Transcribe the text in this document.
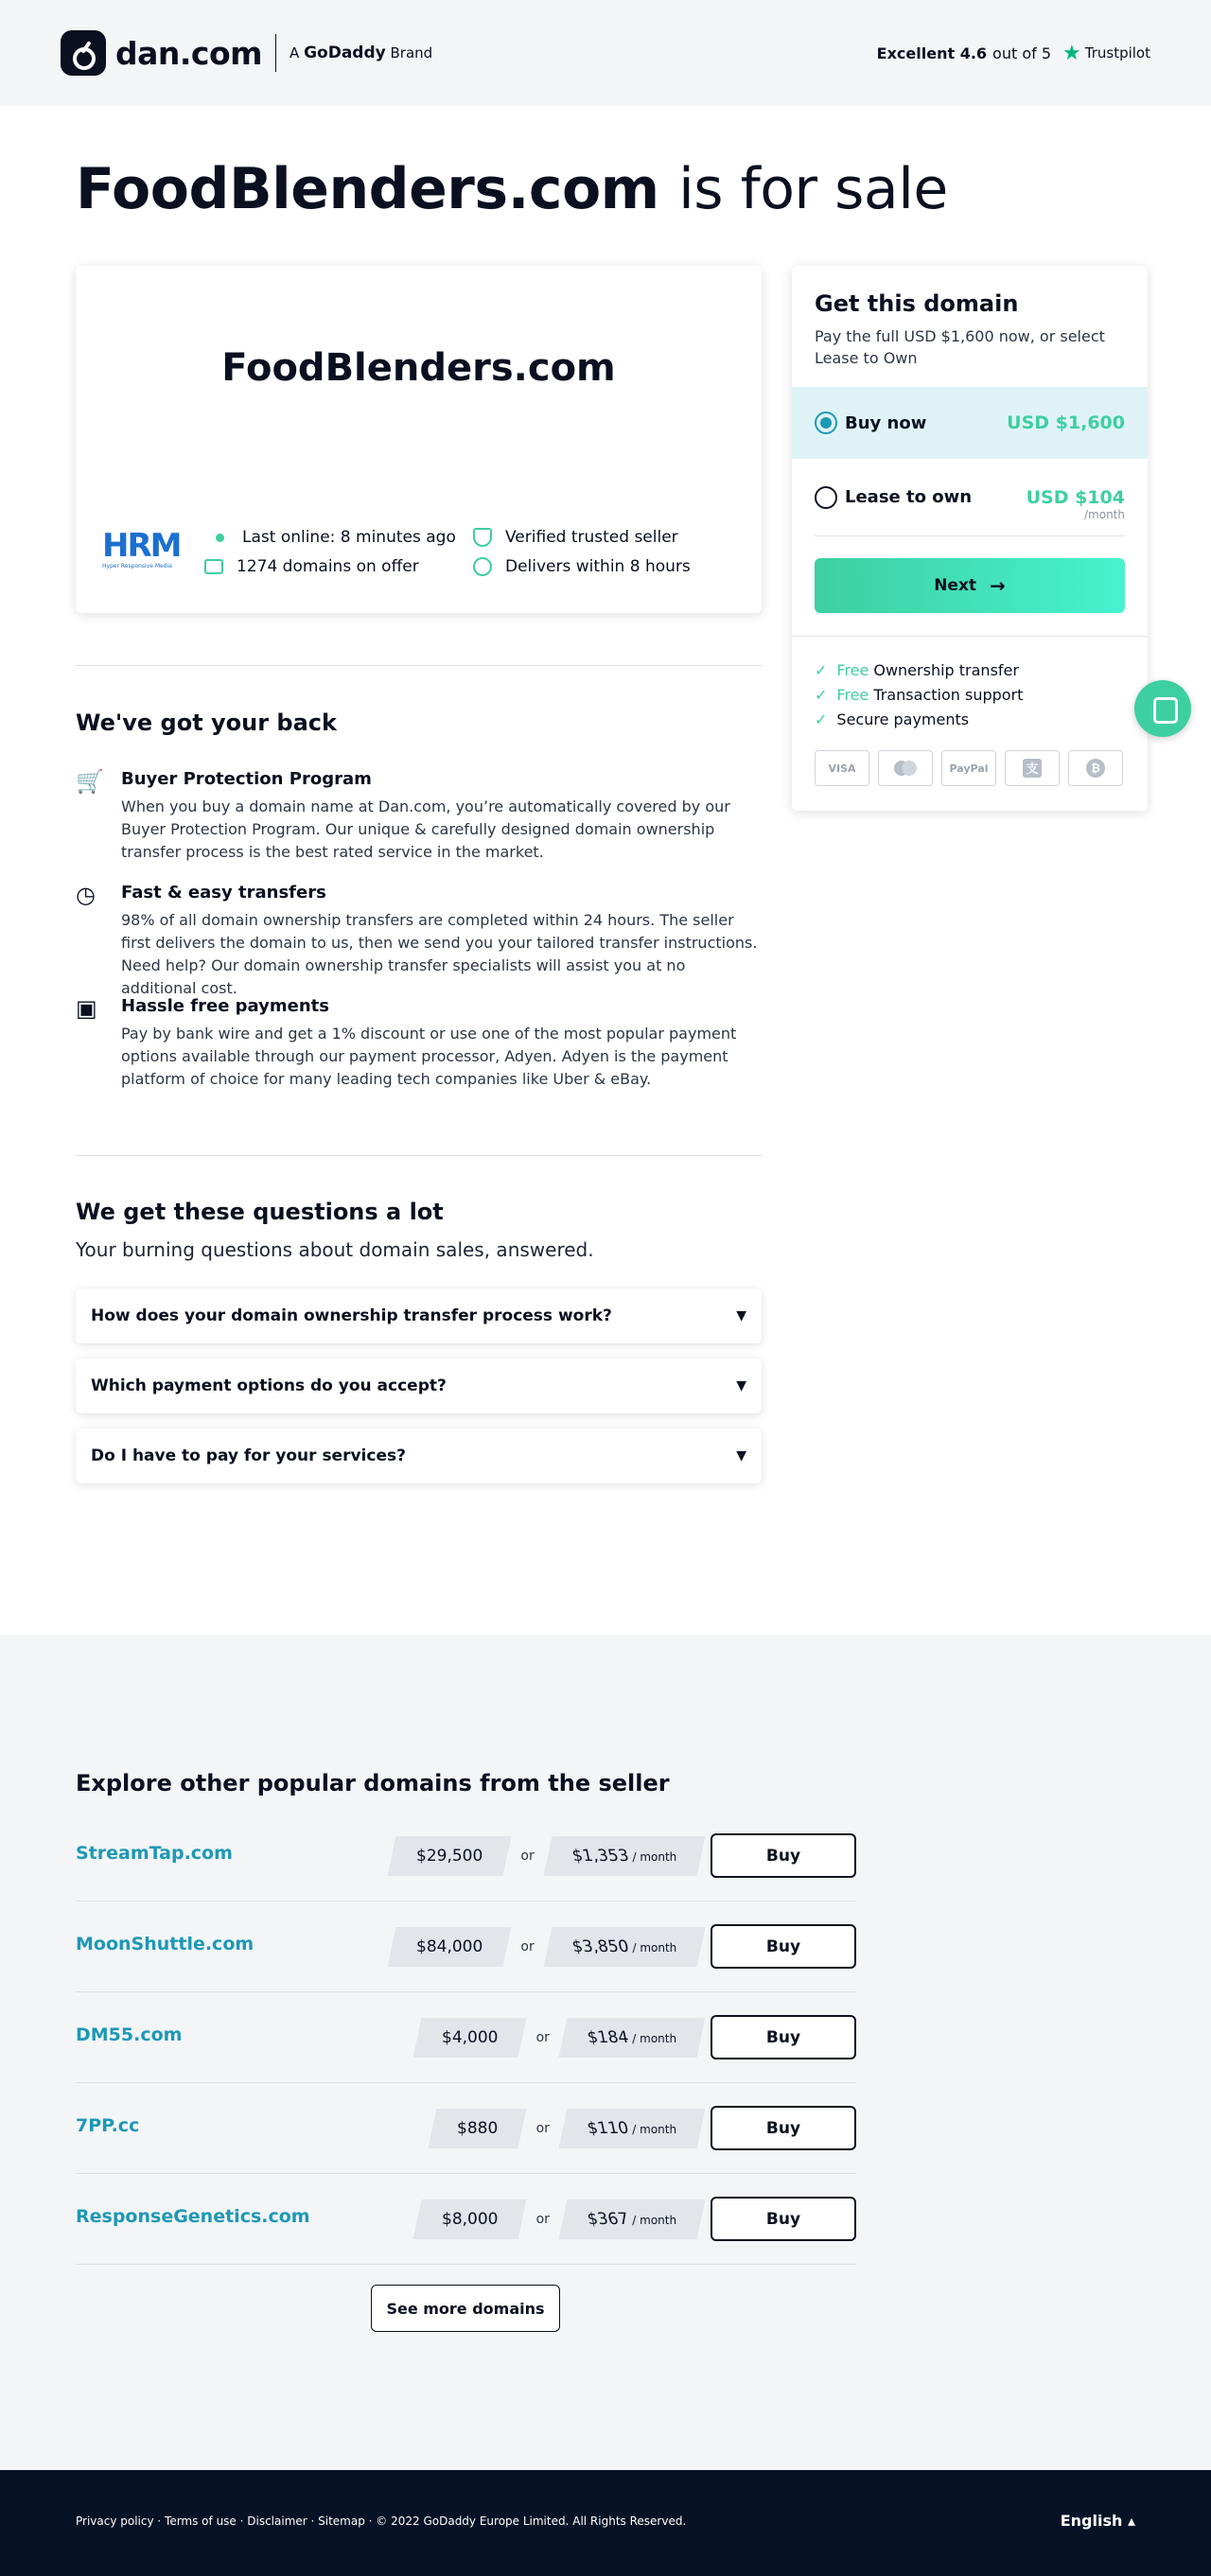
dan.com A GoDaddy Brand	Excellent 4.6 out of 5 ★ Trustpilot
FoodBlenders.com is for sale
FoodBlenders.com
HRM
Hyper Responsive Media
Last online: 8 minutes ago
1274 domains on offer
Verified trusted seller
Delivers within 8 hours
Get this domain
Pay the full USD $1,600 now, or select Lease to Own
Buy now	USD $1,600
Lease to own	USD $104
/month
Next →
✓ Free Ownership transfer
✓ Free Transaction support
✓ Secure payments
VISA	PayPal	支	₿
We've got your back
🛒 Buyer Protection Program
When you buy a domain name at Dan.com, you’re automatically covered by our Buyer Protection Program. Our unique & carefully designed domain ownership transfer process is the best rated service in the market.
◷	Fast & easy transfers
98% of all domain ownership transfers are completed within 24 hours. The seller first delivers the domain to us, then we send you your tailored transfer instructions. Need help? Our domain ownership transfer specialists will assist you at no additional cost.
▣	Hassle free payments
Pay by bank wire and get a 1% discount or use one of the most popular payment options available through our payment processor, Adyen. Adyen is the payment platform of choice for many leading tech companies like Uber & eBay.
We get these questions a lot
Your burning questions about domain sales, answered.
How does your domain ownership transfer process work?	▼
Which payment options do you accept?	▼
Do I have to pay for your services?	▼
Explore other popular domains from the seller
StreamTap.com	$29,500	or $1,353 / month	Buy
MoonShuttle.com	$84,000	or $3,850 / month	Buy
DM55.com	$4,000	or $184 / month	Buy
7PP.cc	$880	or $110 / month	Buy
ResponseGenetics.com	$8,000	or $367 / month	Buy
See more domains
Privacy policy · Terms of use · Disclaimer · Sitemap · © 2022 GoDaddy Europe Limited. All Rights Reserved.	English ▴
